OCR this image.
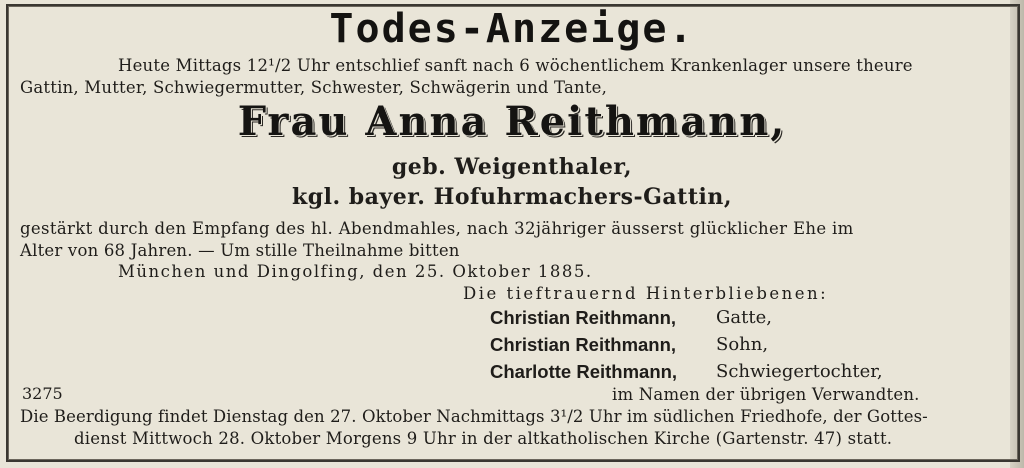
Todes-Anzeige.
Heute Mittags 12¹/2 Uhr entschlief sanft nach 6 wöchentlichem Krankenlager unsere theure
Gattin, Mutter, Schwiegermutter, Schwester, Schwägerin und Tante,
Frau Anna Reithmann,
geb. Weigenthaler,
kgl. bayer. Hofuhrmachers-Gattin,
gestärkt durch den Empfang des hl. Abendmahles, nach 32jähriger äusserst glücklicher Ehe im
Alter von 68 Jahren. — Um stille Theilnahme bitten
München und Dingolfing, den 25. Oktober 1885.
Die tieftrauernd Hinterbliebenen:
Christian Reithmann, Gatte,
Christian Reithmann, Sohn,
Charlotte Reithmann, Schwiegertochter,
3275	im Namen der übrigen Verwandten.
Die Beerdigung findet Dienstag den 27. Oktober Nachmittags 3¹/2 Uhr im südlichen Friedhofe, der Gottes-
dienst Mittwoch 28. Oktober Morgens 9 Uhr in der altkatholischen Kirche (Gartenstr. 47) statt.
